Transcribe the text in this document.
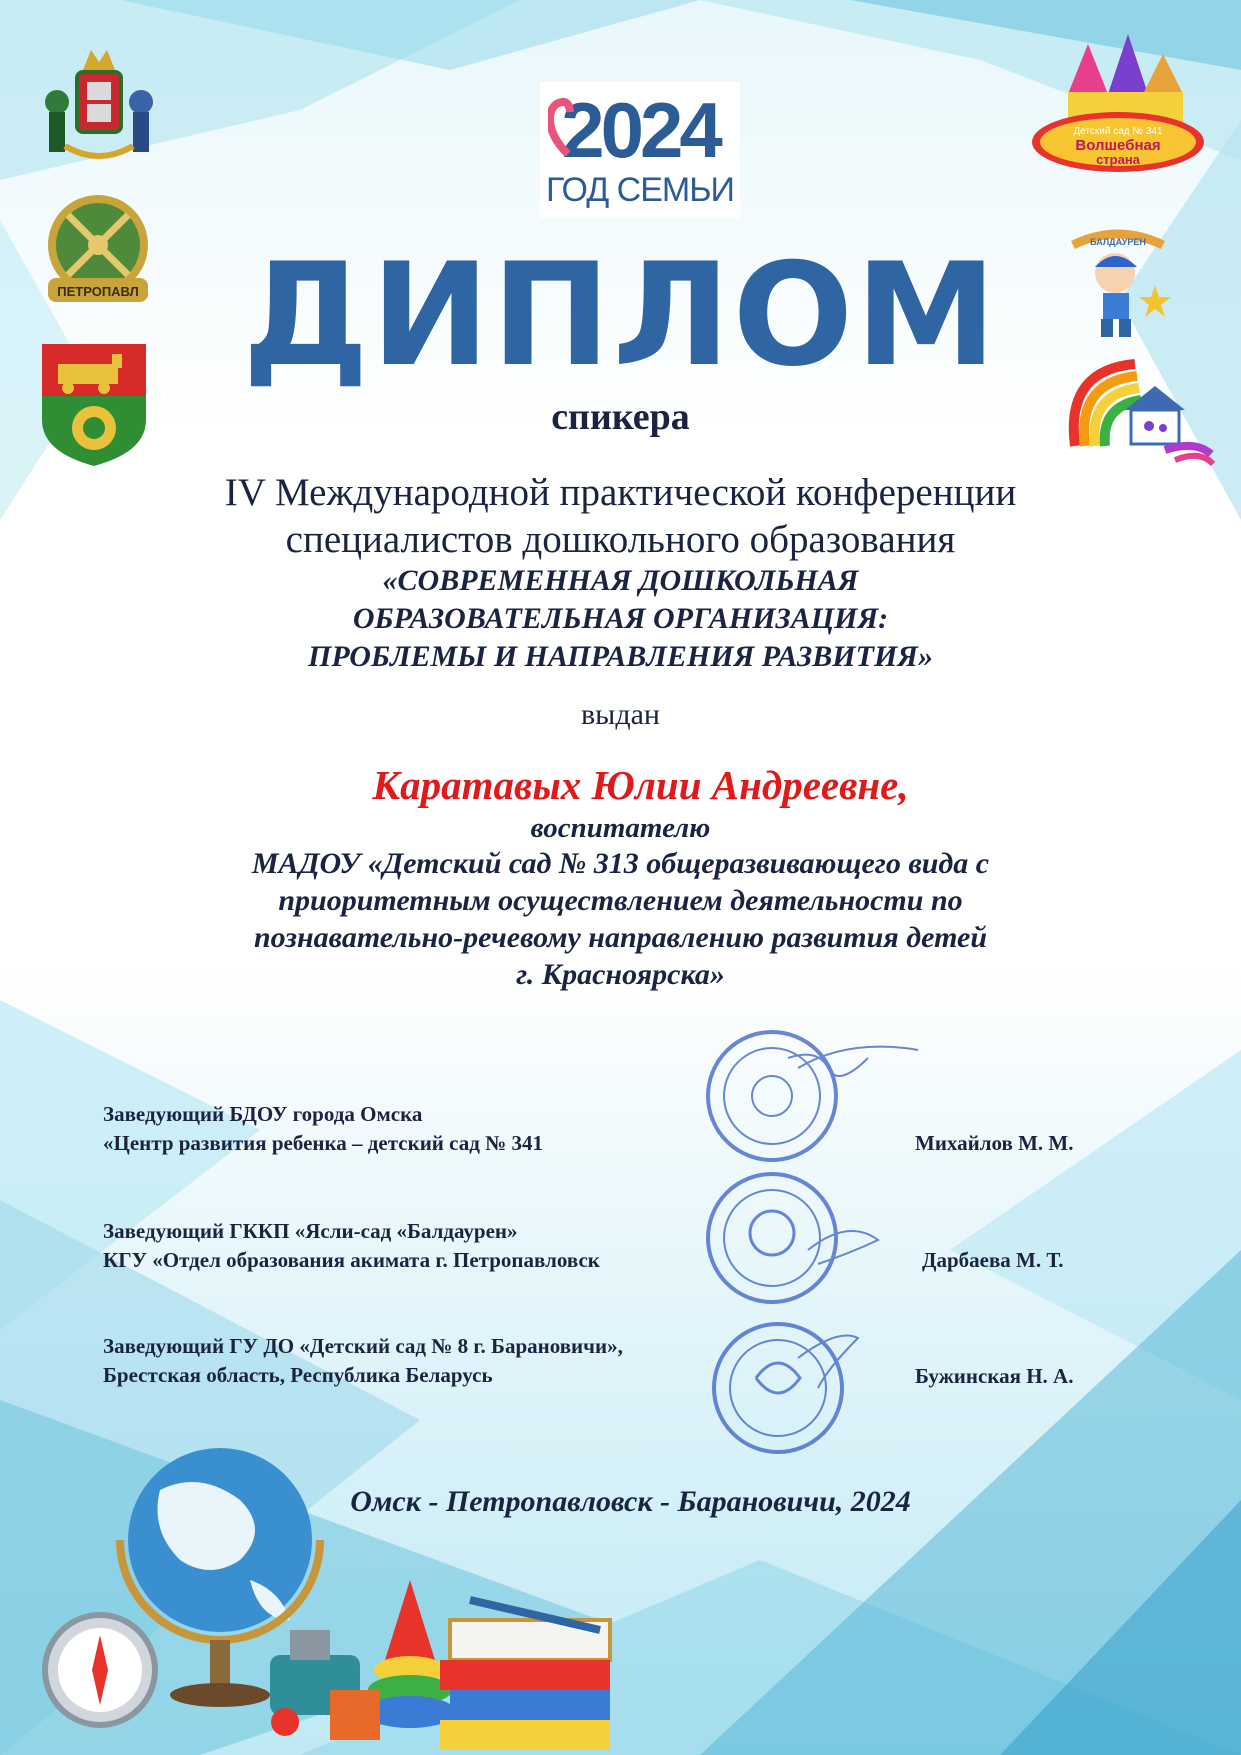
ПЕТРОПАВЛ
Детский сад № 341
Волшебная
страна
БАЛДАУРЕН
2024
ГОД СЕМЬИ
ДИПЛОМ
спикера
IV Международной практической конференции
специалистов дошкольного образования
«СОВРЕМЕННАЯ ДОШКОЛЬНАЯ
ОБРАЗОВАТЕЛЬНАЯ ОРГАНИЗАЦИЯ:
ПРОБЛЕМЫ И НАПРАВЛЕНИЯ РАЗВИТИЯ»
выдан
Каратавых Юлии Андреевне,
воспитателю
МАДОУ «Детский сад № 313 общеразвивающего вида с
приоритетным осуществлением деятельности по
познавательно-речевому направлению развития детей
г. Красноярска»
Заведующий БДОУ города Омска
«Центр развития ребенка – детский сад № 341	Михайлов М. М.
Заведующий ГККП «Ясли-сад «Балдаурен»
КГУ «Отдел образования акимата г. Петропавловск	Дарбаева М. Т.
Заведующий ГУ ДО «Детский сад № 8 г. Барановичи»,
Брестская область, Республика Беларусь	Бужинская Н. А.
Омск - Петропавловск - Барановичи, 2024
